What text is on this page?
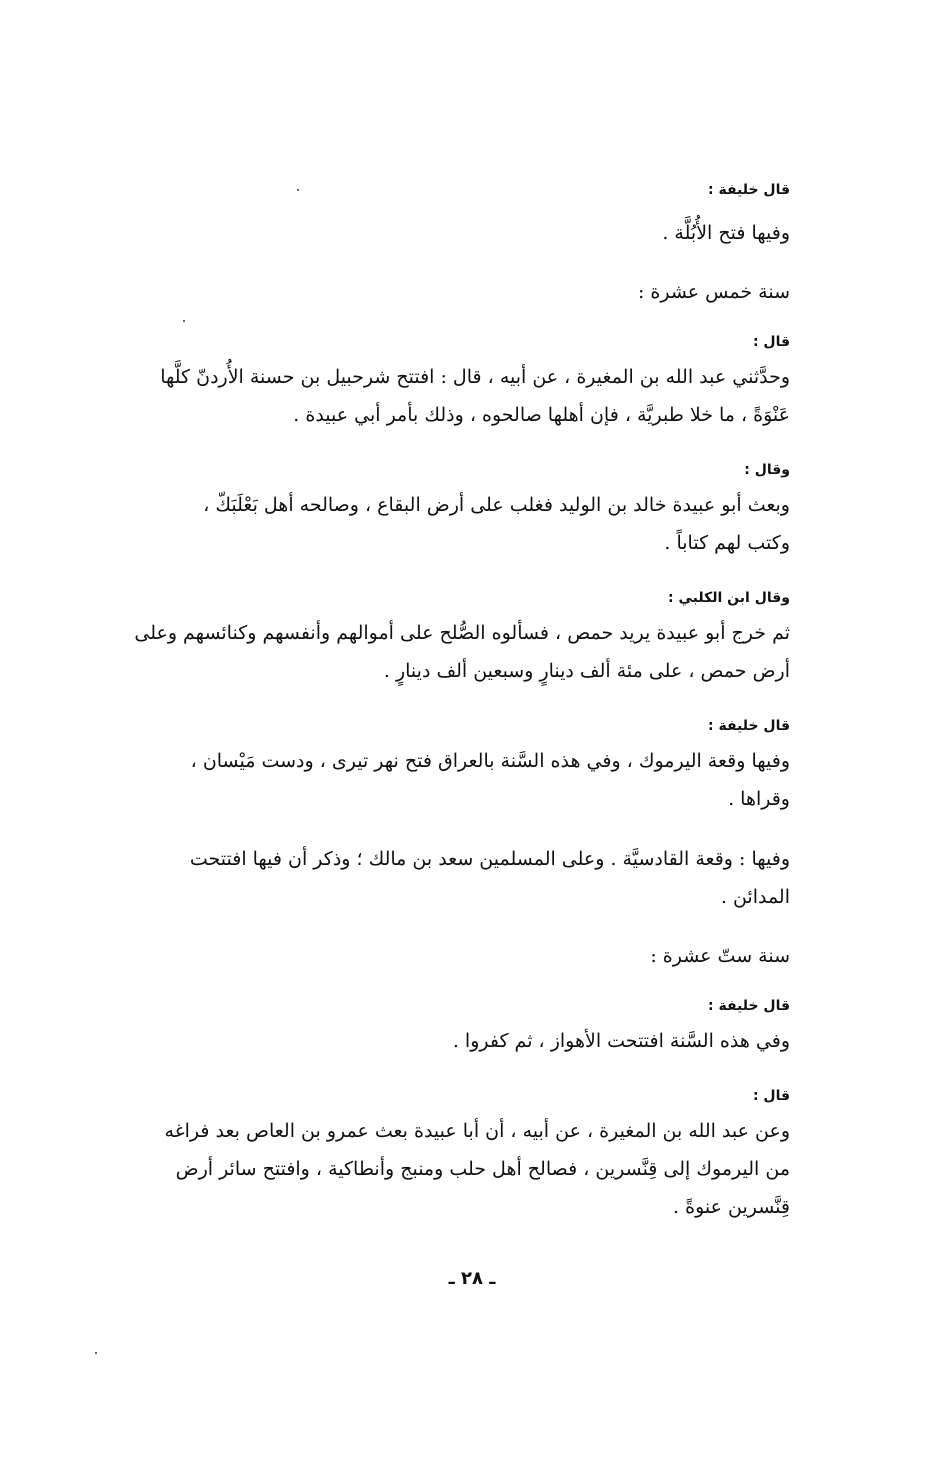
قال خليفة :

وفيها فتح الأُبُلَّة .

سنة خمس عشرة :

قال :

وحدَّثني عبد الله بن المغيرة ، عن أبيه ، قال : افتتح شرحبيل بن حسنة الأُردنّ كلَّها
عَنْوَةً ، ما خلا طبريَّة ، فإن أهلها صالحوه ، وذلك بأمر أبي عبيدة .

وقال :

وبعث أبو عبيدة خالد بن الوليد فغلب على أرض البقاع ، وصالحه أهل بَعْلَبَكّ ،
وكتب لهم كتاباً .

وقال ابن الكلبي :

ثم خرج أبو عبيدة يريد حمص ، فسألوه الصُّلح على أموالهم وأنفسهم وكنائسهم وعلى
أرض حمص ، على مئة ألف دينارٍ وسبعين ألف دينارٍ .

قال خليفة :

وفيها وقعة اليرموك ، وفي هذه السَّنة بالعراق فتح نهر تيرى ، ودست مَيْسان ،
وقراها .

وفيها : وقعة القادسيَّة . وعلى المسلمين سعد بن مالك ؛ وذكر أن فيها افتتحت
المدائن .

سنة ستّ عشرة :

قال خليفة :

وفي هذه السَّنة افتتحت الأهواز ، ثم كفروا .

قال :

وعن عبد الله بن المغيرة ، عن أبيه ، أن أبا عبيدة بعث عمرو بن العاص بعد فراغه
من اليرموك إلى قِنَّسرين ، فصالح أهل حلب ومنبج وأنطاكية ، وافتتح سائر أرض
قِنَّسرين عنوةً .

ـ ٢٨ ـ
